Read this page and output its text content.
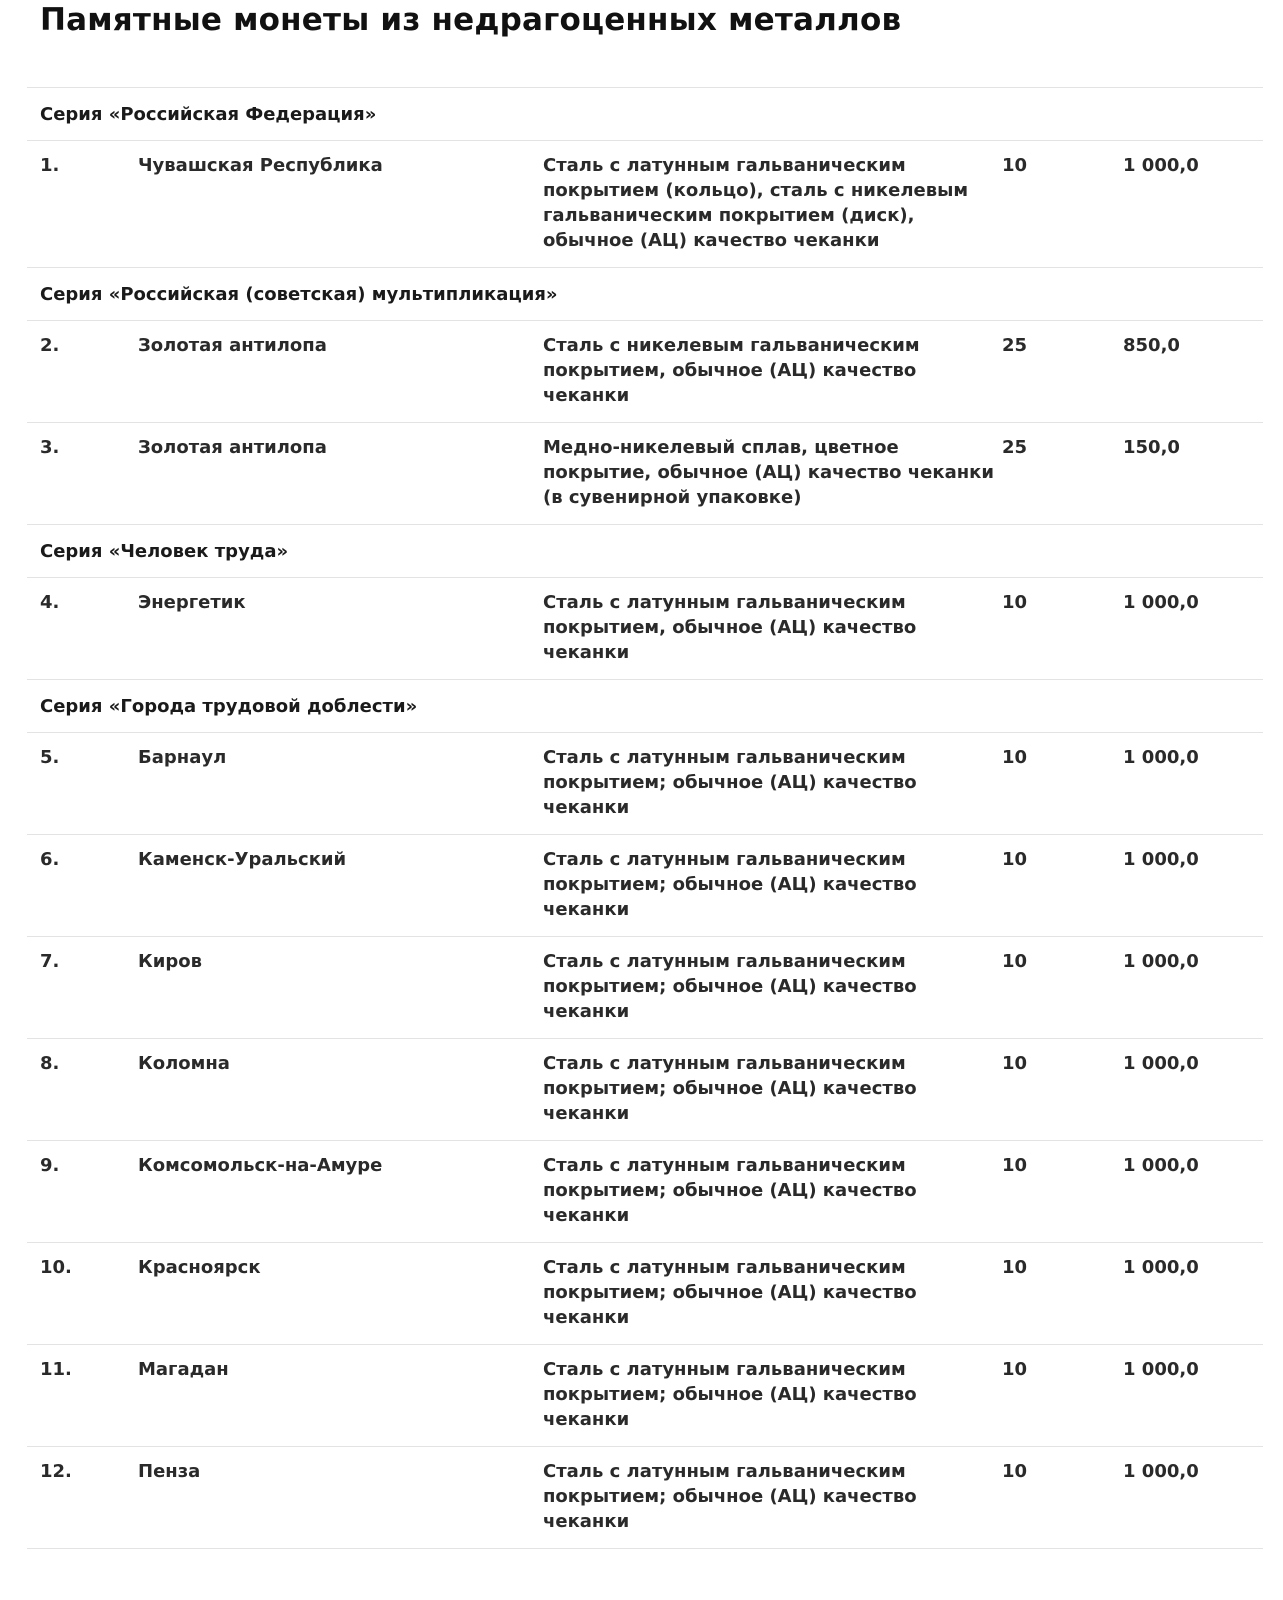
Памятные монеты из недрагоценных металлов
Серия «Российская Федерация»
1.	Чувашская Республика	Сталь с латунным гальваническим
покрытием (кольцо), сталь с никелевым
гальваническим покрытием (диск),
обычное (АЦ) качество чеканки
10	1 000,0
Серия «Российская (советская) мультипликация»
2.	Золотая антилопа	Сталь с никелевым гальваническим
покрытием, обычное (АЦ) качество
чеканки
25	850,0
3.	Золотая антилопа	Медно-никелевый сплав, цветное
покрытие, обычное (АЦ) качество чеканки
(в сувенирной упаковке)
25	150,0
Серия «Человек труда»
4.	Энергетик	Сталь с латунным гальваническим
покрытием, обычное (АЦ) качество
чеканки
10	1 000,0
Серия «Города трудовой доблести»
5.	Барнаул	Сталь с латунным гальваническим
покрытием; обычное (АЦ) качество
чеканки
10	1 000,0
6.	Каменск-Уральский	Сталь с латунным гальваническим
покрытием; обычное (АЦ) качество
чеканки
10	1 000,0
7.	Киров	Сталь с латунным гальваническим
покрытием; обычное (АЦ) качество
чеканки
10	1 000,0
8.	Коломна	Сталь с латунным гальваническим
покрытием; обычное (АЦ) качество
чеканки
10	1 000,0
9.	Комсомольск-на-Амуре	Сталь с латунным гальваническим
покрытием; обычное (АЦ) качество
чеканки
10	1 000,0
10.	Красноярск	Сталь с латунным гальваническим
покрытием; обычное (АЦ) качество
чеканки
10	1 000,0
11.	Магадан	Сталь с латунным гальваническим
покрытием; обычное (АЦ) качество
чеканки
10	1 000,0
12.	Пенза	Сталь с латунным гальваническим
покрытием; обычное (АЦ) качество
чеканки
10	1 000,0
